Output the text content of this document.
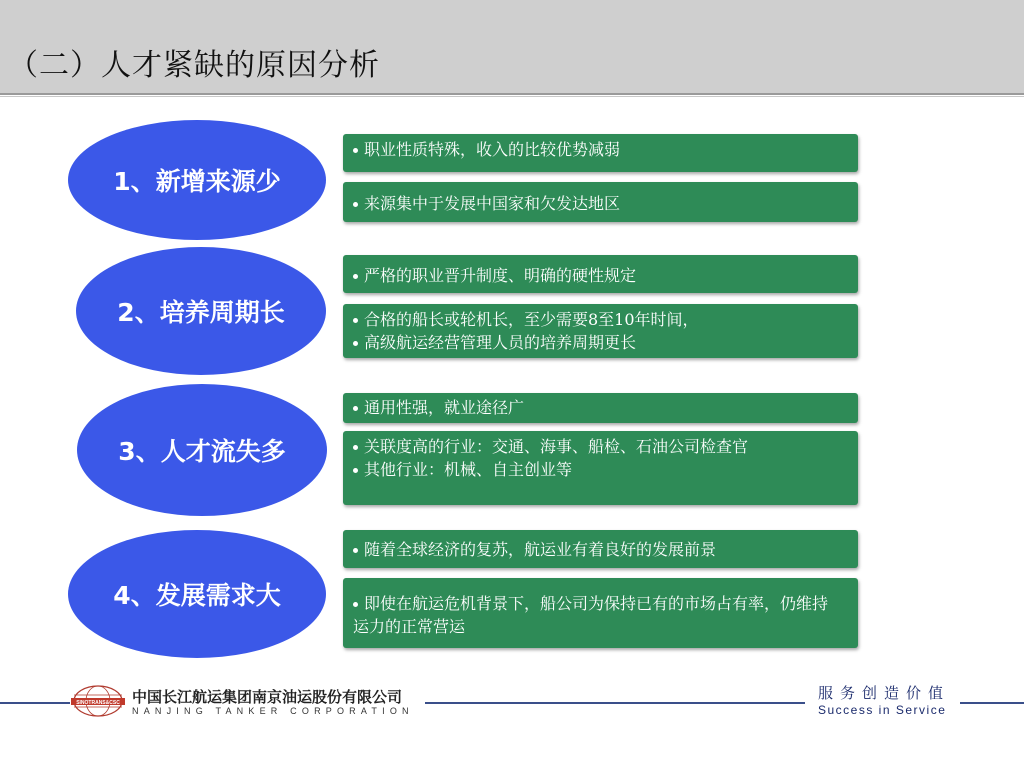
（二）人才紧缺的原因分析
1、新增来源少
职业性质特殊，收入的比较优势减弱
来源集中于发展中国家和欠发达地区
2、培养周期长
严格的职业晋升制度、明确的硬性规定
合格的船长或轮机长，至少需要8至10年时间，
高级航运经营管理人员的培养周期更长
3、人才流失多
通用性强，就业途径广
关联度高的行业：交通、海事、船检、石油公司检查官
其他行业：机械、自主创业等
4、发展需求大
随着全球经济的复苏，航运业有着良好的发展前景
即使在航运危机背景下，船公司为保持已有的市场占有率，仍维持运力的正常营运
SINOTRANS&CSC 中国长江航运集团南京油运股份有限公司
NANJING TANKER CORPORATION
服务创造价值
Success in Service
